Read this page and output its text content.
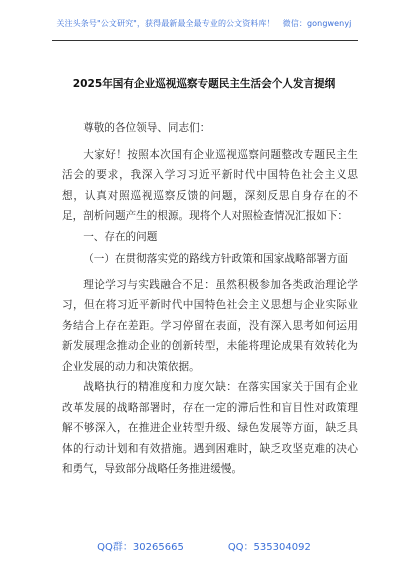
关注头条号"公文研究"，获得最新最全最专业的公文资料库！ 微信：gongwenyj
2025年国有企业巡视巡察专题民主生活会个人发言提纲

尊敬的各位领导、同志们：

大家好！按照本次国有企业巡视巡察问题整改专题民主生活会的要求，我深入学习习近平新时代中国特色社会主义思想，认真对照巡视巡察反馈的问题，深刻反思自身存在的不足，剖析问题产生的根源。现将个人对照检查情况汇报如下：

一、存在的问题

（一）在贯彻落实党的路线方针政策和国家战略部署方面

理论学习与实践融合不足：虽然积极参加各类政治理论学习，但在将习近平新时代中国特色社会主义思想与企业实际业务结合上存在差距。学习停留在表面，没有深入思考如何运用新发展理念推动企业的创新转型，未能将理论成果有效转化为企业发展的动力和决策依据。

战略执行的精准度和力度欠缺：在落实国家关于国有企业改革发展的战略部署时，存在一定的滞后性和盲目性对政策理解不够深入，在推进企业转型升级、绿色发展等方面，缺乏具体的行动计划和有效措施。遇到困难时，缺乏攻坚克难的决心和勇气，导致部分战略任务推进缓慢。

QQ群：30265665	QQ：535304092
